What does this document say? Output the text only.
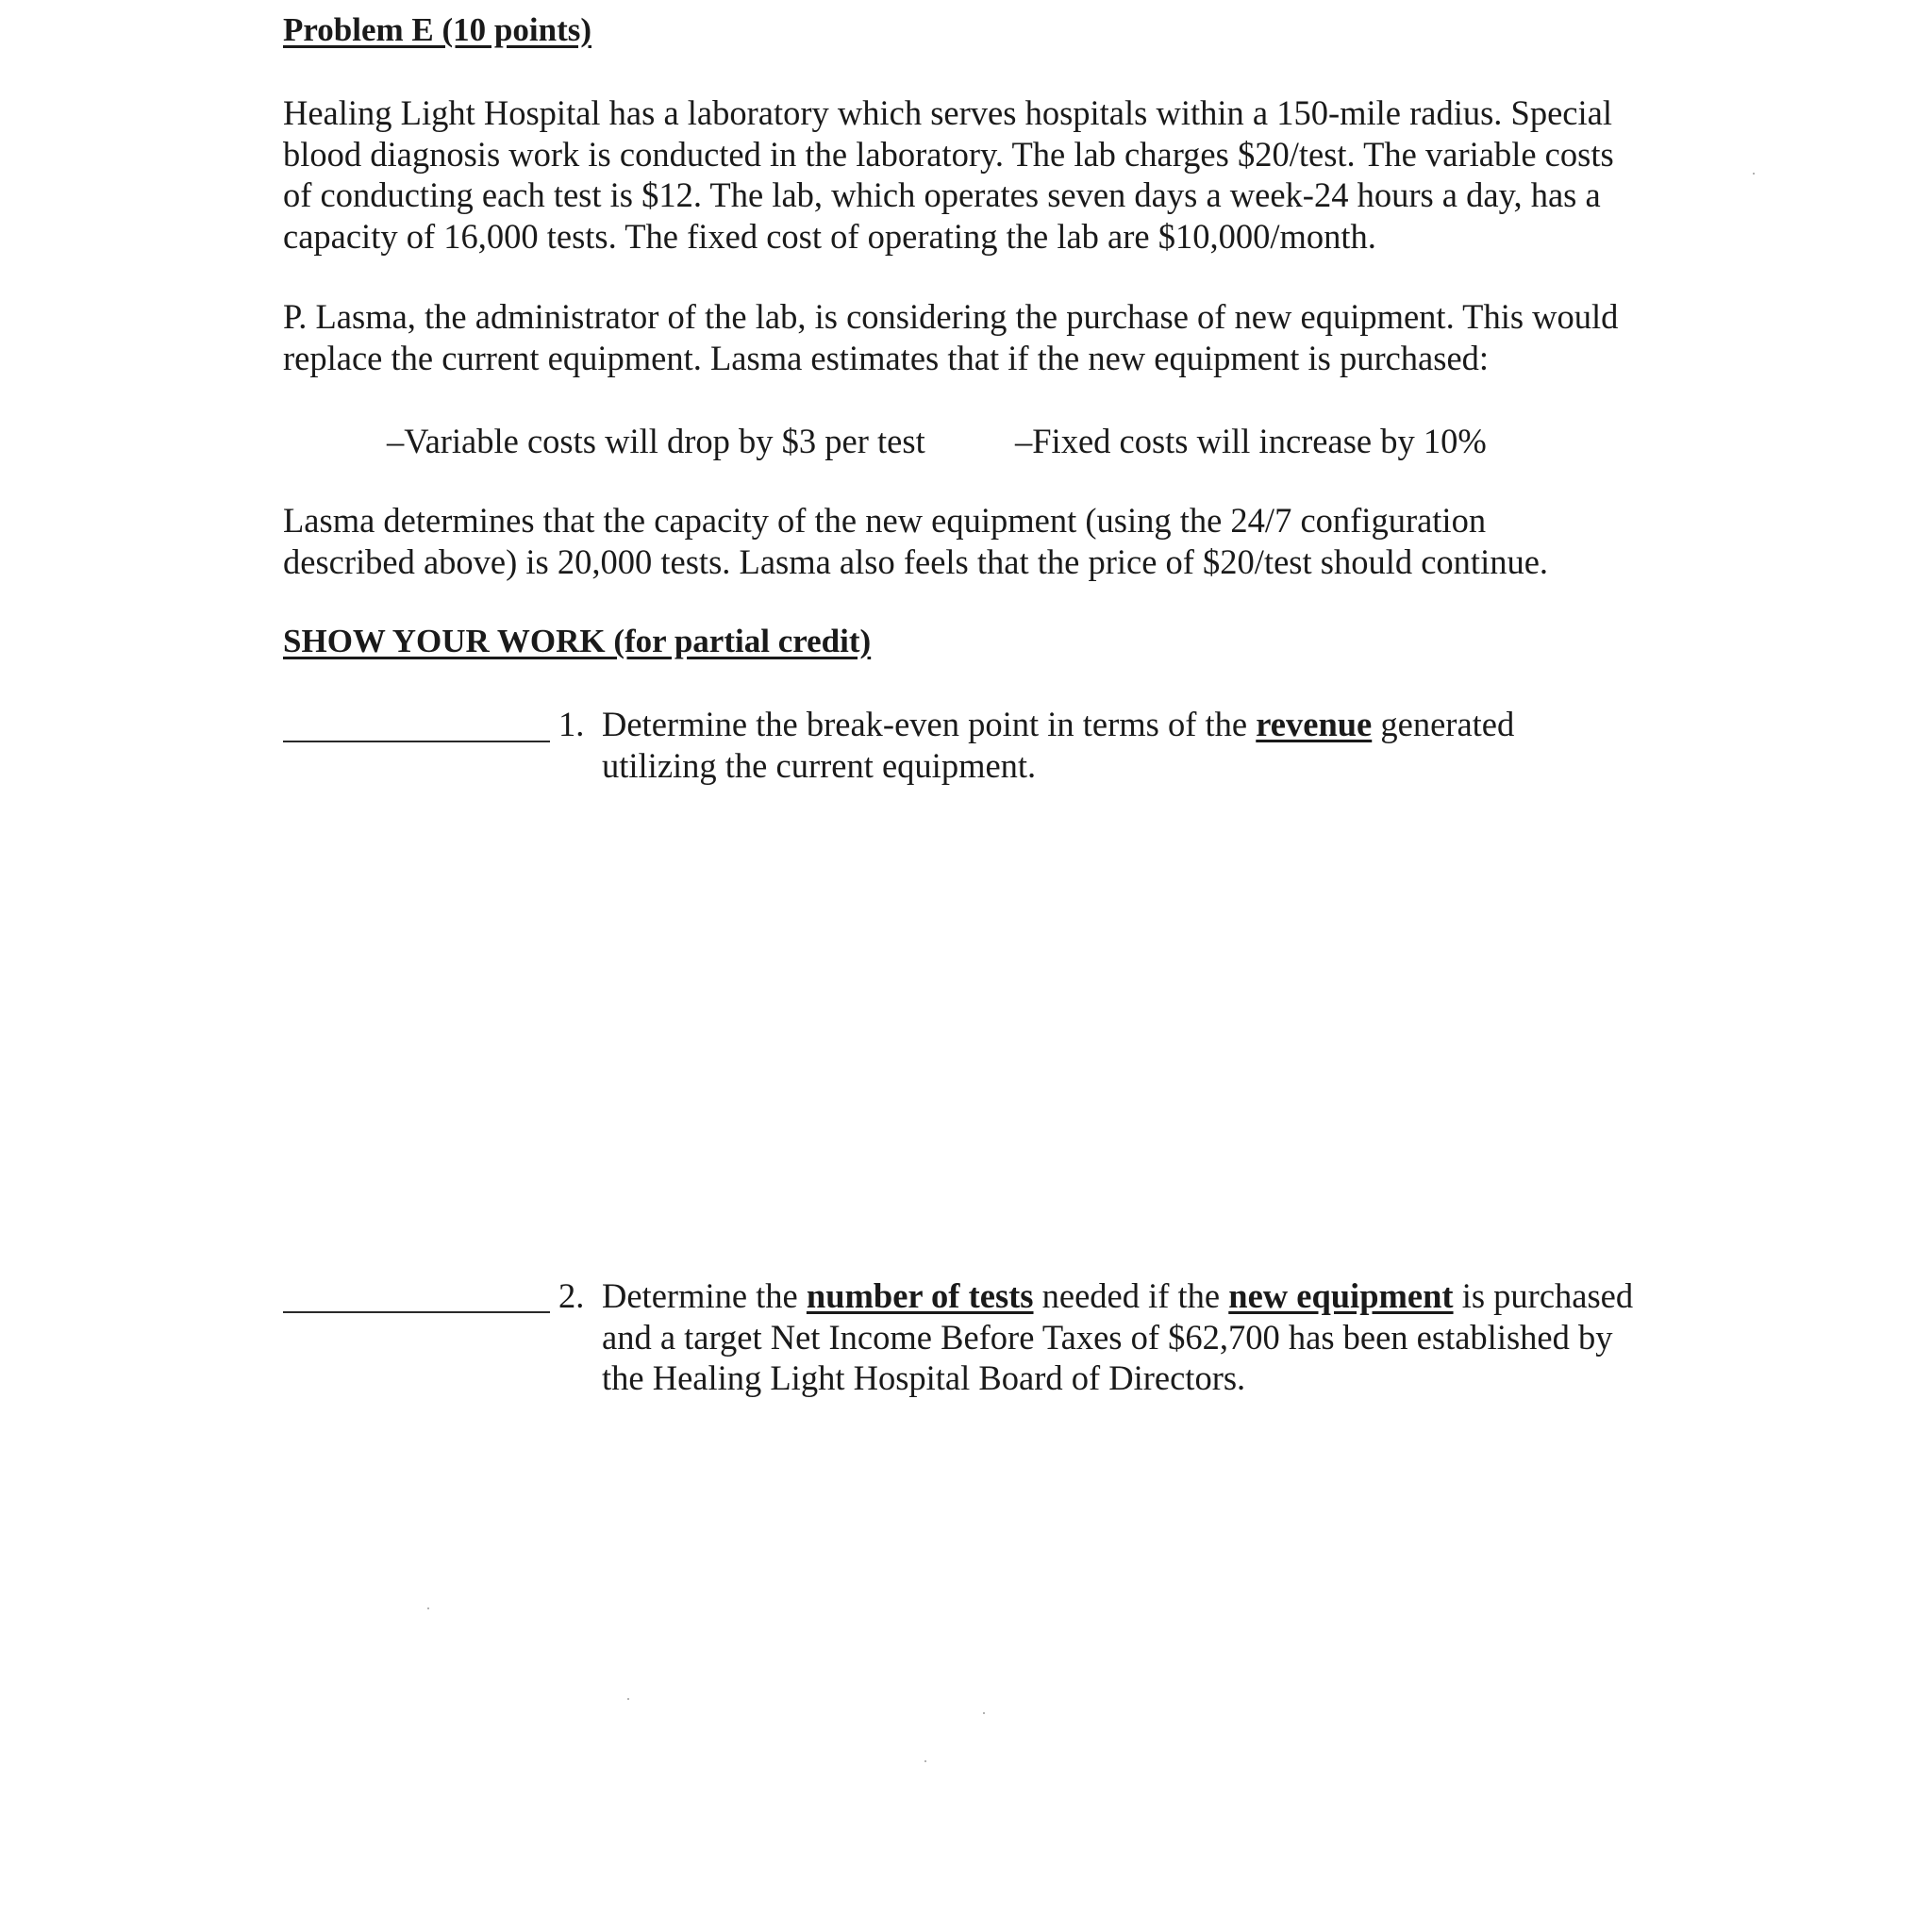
Problem E (10 points)

Healing Light Hospital has a laboratory which serves hospitals within a 150-mile radius. Special
blood diagnosis work is conducted in the laboratory. The lab charges $20/test. The variable costs
of conducting each test is $12. The lab, which operates seven days a week-24 hours a day, has a
capacity of 16,000 tests. The fixed cost of operating the lab are $10,000/month.

P. Lasma, the administrator of the lab, is considering the purchase of new equipment. This would
replace the current equipment. Lasma estimates that if the new equipment is purchased:

–Variable costs will drop by $3 per test	–Fixed costs will increase by 10%

Lasma determines that the capacity of the new equipment (using the 24/7 configuration
described above) is 20,000 tests. Lasma also feels that the price of $20/test should continue.

SHOW YOUR WORK (for partial credit)
1. Determine the break-even point in terms of the revenue generated
utilizing the current equipment.
2. Determine the number of tests needed if the new equipment is purchased
and a target Net Income Before Taxes of $62,700 has been established by
the Healing Light Hospital Board of Directors.
